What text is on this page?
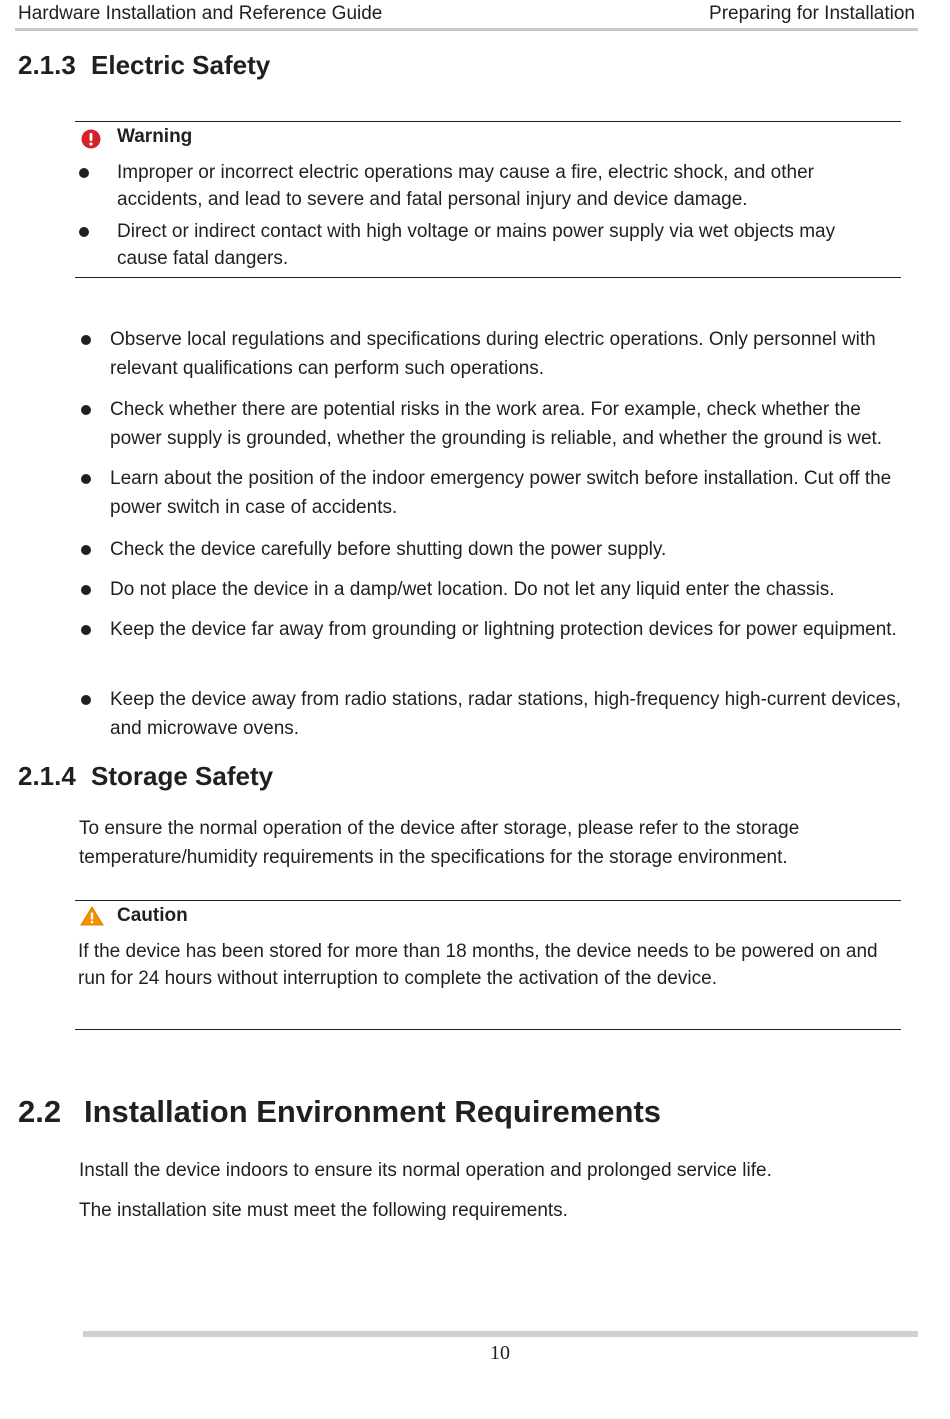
Hardware Installation and Reference Guide	Preparing for Installation
2.1.3 Electric Safety
Warning
Improper or incorrect electric operations may cause a fire, electric shock, and other accidents, and lead to severe and fatal personal injury and device damage.
Direct or indirect contact with high voltage or mains power supply via wet objects may cause fatal dangers.
Observe local regulations and specifications during electric operations. Only personnel with relevant qualifications can perform such operations.
Check whether there are potential risks in the work area. For example, check whether the power supply is grounded, whether the grounding is reliable, and whether the ground is wet.
Learn about the position of the indoor emergency power switch before installation. Cut off the power switch in case of accidents.
Check the device carefully before shutting down the power supply.
Do not place the device in a damp/wet location. Do not let any liquid enter the chassis.
Keep the device far away from grounding or lightning protection devices for power equipment.
Keep the device away from radio stations, radar stations, high-frequency high-current devices, and microwave ovens.
2.1.4 Storage Safety

To ensure the normal operation of the device after storage, please refer to the storage temperature/humidity requirements in the specifications for the storage environment.

Caution
If the device has been stored for more than 18 months, the device needs to be powered on and run for 24 hours without interruption to complete the activation of the device.
2.2 Installation Environment Requirements

Install the device indoors to ensure its normal operation and prolonged service life.

The installation site must meet the following requirements.

10
